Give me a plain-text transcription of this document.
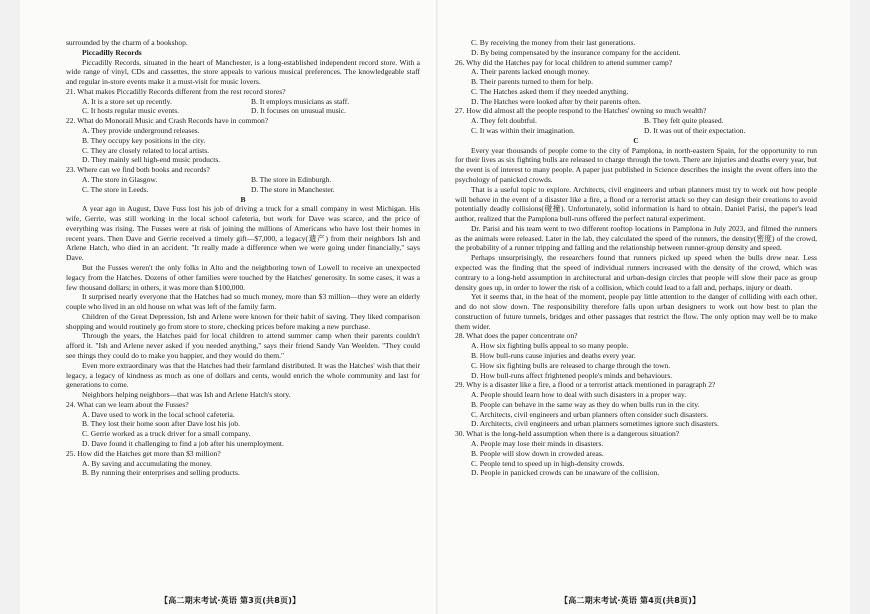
surrounded by the charm of a bookshop.

Piccadilly Records

Piccadilly Records, situated in the heart of Manchester, is a long-established independent record store. With a wide range of vinyl, CDs and cassettes, the store appeals to various musical preferences. The knowledgeable staff and regular in-store events make it a must-visit for music lovers.

21. What makes Piccadilly Records different from the rest record stores?

A. It is a store set up recently.	B. It employs musicians as staff.

C. It hosts regular music events.	D. It focuses on unusual music.

22. What do Monorail Music and Crash Records have in common?

A. They provide underground releases.

B. They occupy key positions in the city.

C. They are closely related to local artists.

D. They mainly sell high-end music products.

23. Where can we find both books and records?

A. The store in Glasgow.	B. The store in Edinburgh.

C. The store in Leeds.	D. The store in Manchester.

B

A year ago in August, Dave Fuss lost his job of driving a truck for a small company in west Michigan. His wife, Gerrie, was still working in the local school cafeteria, but work for Dave was scarce, and the price of everything was rising. The Fusses were at risk of joining the millions of Americans who have lost their homes in recent years. Then Dave and Gerrie received a timely gift—$7,000, a legacy(遗产) from their neighbors Ish and Arlene Hatch, who died in an accident. "It really made a difference when we were going under financially," says Dave.

But the Fusses weren't the only folks in Alto and the neighboring town of Lowell to receive an unexpected legacy from the Hatches. Dozens of other families were touched by the Hatches' generosity. In some cases, it was a few thousand dollars; in others, it was more than $100,000.

It surprised nearly everyone that the Hatches had so much money, more than $3 million—they were an elderly couple who lived in an old house on what was left of the family farm.

Children of the Great Depression, Ish and Arlene were known for their habit of saving. They liked comparison shopping and would routinely go from store to store, checking prices before making a new purchase.

Through the years, the Hatches paid for local children to attend summer camp when their parents couldn't afford it. "Ish and Arlene never asked if you needed anything," says their friend Sandy Van Weelden. "They could see things they could do to make you happier, and they would do them."

Even more extraordinary was that the Hatches had their farmland distributed. It was the Hatches' wish that their legacy, a legacy of kindness as much as one of dollars and cents, would enrich the whole community and last for generations to come.

Neighbors helping neighbors—that was Ish and Arlene Hatch's story.

24. What can we learn about the Fusses?

A. Dave used to work in the local school cafeteria.

B. They lost their home soon after Dave lost his job.

C. Gerrie worked as a truck driver for a small company.

D. Dave found it challenging to find a job after his unemployment.

25. How did the Hatches get more than $3 million?

A. By saving and accumulating the money.

B. By running their enterprises and selling products.

C. By receiving the money from their last generations.

D. By being compensated by the insurance company for the accident.

26. Why did the Hatches pay for local children to attend summer camp?

A. Their parents lacked enough money.

B. Their parents turned to them for help.

C. The Hatches asked them if they needed anything.

D. The Hatches were looked after by their parents often.

27. How did almost all the people respond to the Hatches' owning so much wealth?

A. They felt doubtful.	B. They felt quite pleased.

C. It was within their imagination.	D. It was out of their expectation.

C

Every year thousands of people come to the city of Pamplona, in north-eastern Spain, for the opportunity to run for their lives as six fighting bulls are released to charge through the town. There are injuries and deaths every year, but the event is of interest to many people. A paper just published in Science describes the insight the event offers into the psychology of panicked crowds.

That is a useful topic to explore. Architects, civil engineers and urban planners must try to work out how people will behave in the event of a disaster like a fire, a flood or a terrorist attack so they can design their creations to avoid potentially deadly collisions(碰撞). Unfortunately, solid information is hard to obtain. Daniel Parisi, the paper's lead author, realized that the Pamplona bull-runs offered the perfect natural experiment.

Dr. Parisi and his team went to two different rooftop locations in Pamplona in July 2023, and filmed the runners as the animals were released. Later in the lab, they calculated the speed of the runners, the density(密度) of the crowd, the probability of a runner tripping and falling and the relationship between runner-group density and speed.

Perhaps unsurprisingly, the researchers found that runners picked up speed when the bulls drew near. Less expected was the finding that the speed of individual runners increased with the density of the crowd, which was contrary to a long-held assumption in architectural and urban-design circles that people will slow their pace as group density goes up, in order to lower the risk of a collision, which could lead to a fall and, perhaps, injury or death.

Yet it seems that, in the heat of the moment, people pay little attention to the danger of colliding with each other, and do not slow down. The responsibility therefore falls upon urban designers to work out how best to plan the construction of future tunnels, bridges and other passages that restrict the flow. The only option may well be to make them wider.

28. What does the paper concentrate on?

A. How six fighting bulls appeal to so many people.

B. How bull-runs cause injuries and deaths every year.

C. How six fighting bulls are released to charge through the town.

D. How bull-runs affect frightened people's minds and behaviours.

29. Why is a disaster like a fire, a flood or a terrorist attack mentioned in paragraph 2?

A. People should learn how to deal with such disasters in a proper way.

B. People can behave in the same way as they do when bulls run in the city.

C. Architects, civil engineers and urban planners often consider such disasters.

D. Architects, civil engineers and urban planners sometimes ignore such disasters.

30. What is the long-held assumption when there is a dangerous situation?

A. People may lose their minds in disasters.

B. People will slow down in crowded areas.

C. People tend to speed up in high-density crowds.

D. People in panicked crowds can be unaware of the collision.

【高二期末考试·英语 第3页(共8页)】	【高二期末考试·英语 第4页(共8页)】
